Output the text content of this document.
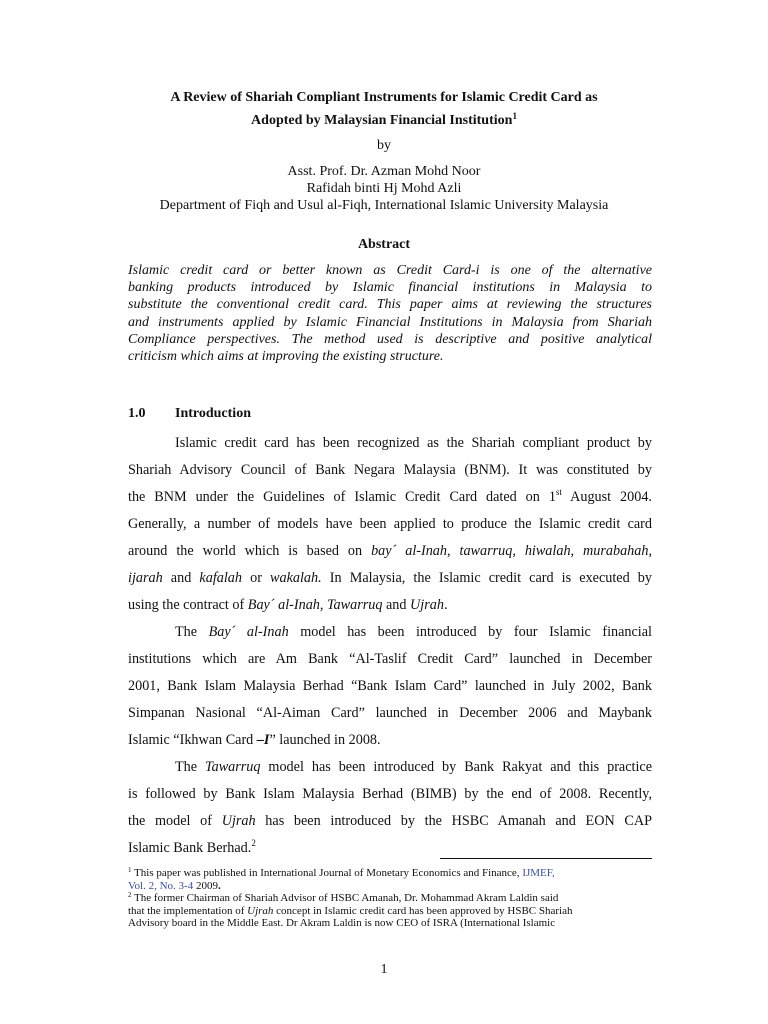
A Review of Shariah Compliant Instruments for Islamic Credit Card as
Adopted by Malaysian Financial Institution$^1$
by
Asst. Prof. Dr. Azman Mohd Noor
Rafidah binti Hj Mohd Azli
Department of Fiqh and Usul al-Fiqh, International Islamic University Malaysia
Abstract
Islamic credit card or better known as Credit Card-i is one of the alternative
banking products introduced by Islamic financial institutions in Malaysia to
substitute the conventional credit card. This paper aims at reviewing the structures
and instruments applied by Islamic Financial Institutions in Malaysia from Shariah
Compliance perspectives. The method used is descriptive and positive analytical
criticism which aims at improving the existing structure.
1.0 Introduction
Islamic credit card has been recognized as the Shariah compliant product by
Shariah Advisory Council of Bank Negara Malaysia (BNM). It was constituted by
the BNM under the Guidelines of Islamic Credit Card dated on 1st August 2004.
Generally, a number of models have been applied to produce the Islamic credit card
around the world which is based on bay´ al-Inah, tawarruq, hiwalah, murabahah,
ijarah and kafalah or wakalah. In Malaysia, the Islamic credit card is executed by
using the contract of Bay´ al-Inah, Tawarruq and Ujrah.
The Bay´ al-Inah model has been introduced by four Islamic financial
institutions which are Am Bank “Al-Taslif Credit Card” launched in December
2001, Bank Islam Malaysia Berhad “Bank Islam Card” launched in July 2002, Bank
Simpanan Nasional “Al-Aiman Card” launched in December 2006 and Maybank
Islamic “Ikhwan Card –I” launched in 2008.
The Tawarruq model has been introduced by Bank Rakyat and this practice
is followed by Bank Islam Malaysia Berhad (BIMB) by the end of 2008. Recently,
the model of Ujrah has been introduced by the HSBC Amanah and EON CAP
Islamic Bank Berhad.$^2$
$^1$ This paper was published in International Journal of Monetary Economics and Finance, IJMEF,
Vol. 2, No. 3-4 2009.
$^2$ The former Chairman of Shariah Advisor of HSBC Amanah, Dr. Mohammad Akram Laldin said
that the implementation of Ujrah concept in Islamic credit card has been approved by HSBC Shariah
Advisory board in the Middle East. Dr Akram Laldin is now CEO of ISRA (International Islamic
1
